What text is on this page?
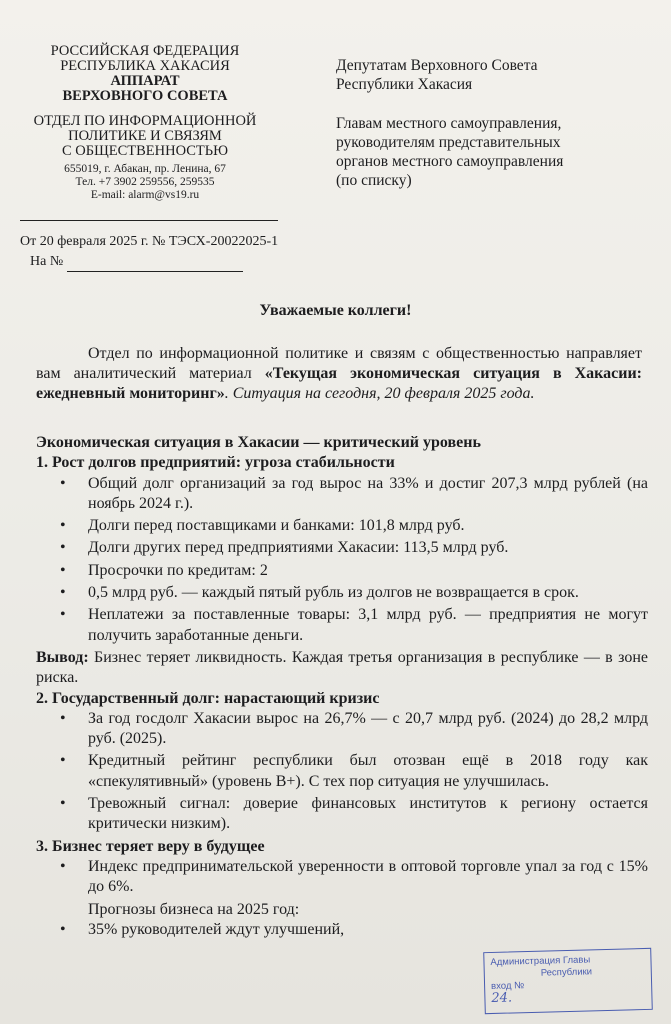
РОССИЙСКАЯ ФЕДЕРАЦИЯ
РЕСПУБЛИКА ХАКАСИЯ
АППАРАТ
ВЕРХОВНОГО СОВЕТА
ОТДЕЛ ПО ИНФОРМАЦИОННОЙ
ПОЛИТИКЕ И СВЯЗЯМ
С ОБЩЕСТВЕННОСТЬЮ
655019, г. Абакан, пр. Ленина, 67
Тел. +7 3902 259556, 259535
E-mail: alarm@vs19.ru
От 20 февраля 2025 г. № ТЭСХ-20022025-1
На №

Депутатам Верховного Совета
Республики Хакасия

Главам местного самоуправления,
руководителям представительных
органов местного самоуправления
(по списку)

Уважаемые коллеги!
Отдел по информационной политике и связям с общественностью направляет вам аналитический материал «Текущая экономическая ситуация в Хакасии: ежедневный мониторинг». Ситуация на сегодня, 20 февраля 2025 года.

Экономическая ситуация в Хакасии — критический уровень

1. Рост долгов предприятий: угроза стабильности

• Общий долг организаций за год вырос на 33% и достиг 207,3 млрд рублей (на ноябрь 2024 г.).
• Долги перед поставщиками и банками: 101,8 млрд руб.
• Долги других перед предприятиями Хакасии: 113,5 млрд руб.
• Просрочки по кредитам: 2
• 0,5 млрд руб. — каждый пятый рубль из долгов не возвращается в срок.
• Неплатежи за поставленные товары: 3,1 млрд руб. — предприятия не могут получить заработанные деньги.

Вывод: Бизнес теряет ликвидность. Каждая третья организация в республике — в зоне риска.

2. Государственный долг: нарастающий кризис

• За год госдолг Хакасии вырос на 26,7% — с 20,7 млрд руб. (2024) до 28,2 млрд руб. (2025).
• Кредитный рейтинг республики был отозван ещё в 2018 году как «спекулятивный» (уровень В+). С тех пор ситуация не улучшилась.
• Тревожный сигнал: доверие финансовых институтов к региону остается критически низким).

3. Бизнес теряет веру в будущее

• Индекс предпринимательской уверенности в оптовой торговле упал за год с 15% до 6%.

Прогнозы бизнеса на 2025 год:

• 35% руководителей ждут улучшений,
Администрация Главы
Республики
вход №
24.
